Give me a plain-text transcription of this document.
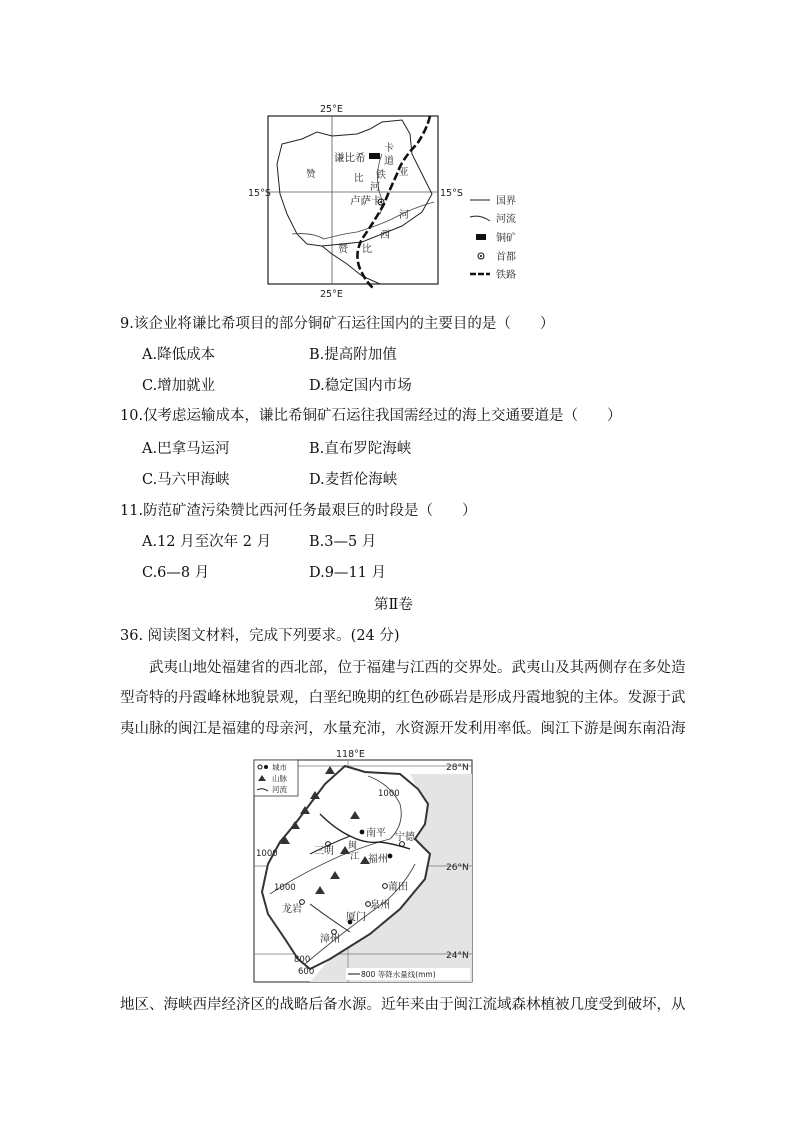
25°E
25°E
15°S	15°S
谦比希
卡
道
赞	比
亚
铁
河
卢萨卡
河
西
赞 比
国界
河流
铜矿
首都
铁路
9.该企业将谦比希项目的部分铜矿石运往国内的主要目的是（　　）
A.降低成本	B.提高附加值
C.增加就业	D.稳定国内市场
10.仅考虑运输成本，谦比希铜矿石运往我国需经过的海上交通要道是（　　）
A.巴拿马运河	B.直布罗陀海峡
C.马六甲海峡	D.麦哲伦海峡
11.防范矿渣污染赞比西河任务最艰巨的时段是（　　）
A.12 月至次年 2 月	B.3—5 月
C.6—8 月	D.9—11 月
第Ⅱ卷
36. 阅读图文材料，完成下列要求。(24 分)
　　武夷山地处福建省的西北部，位于福建与江西的交界处。武夷山及其两侧存在多处造
型奇特的丹霞峰林地貌景观，白垩纪晚期的红色砂砾岩是形成丹霞地貌的主体。发源于武
夷山脉的闽江是福建的母亲河，水量充沛，水资源开发利用率低。闽江下游是闽东南沿海
118°E
28°N
26°N
24°N
南平
三明
宁德
福州
莆田
泉州
龙岩
漳州
厦门
闽
江
1000
1000
800
600
1000
城市
山脉
河流
800 等降水量线(mm)
地区、海峡西岸经济区的战略后备水源。近年来由于闽江流域森林植被几度受到破坏，从
